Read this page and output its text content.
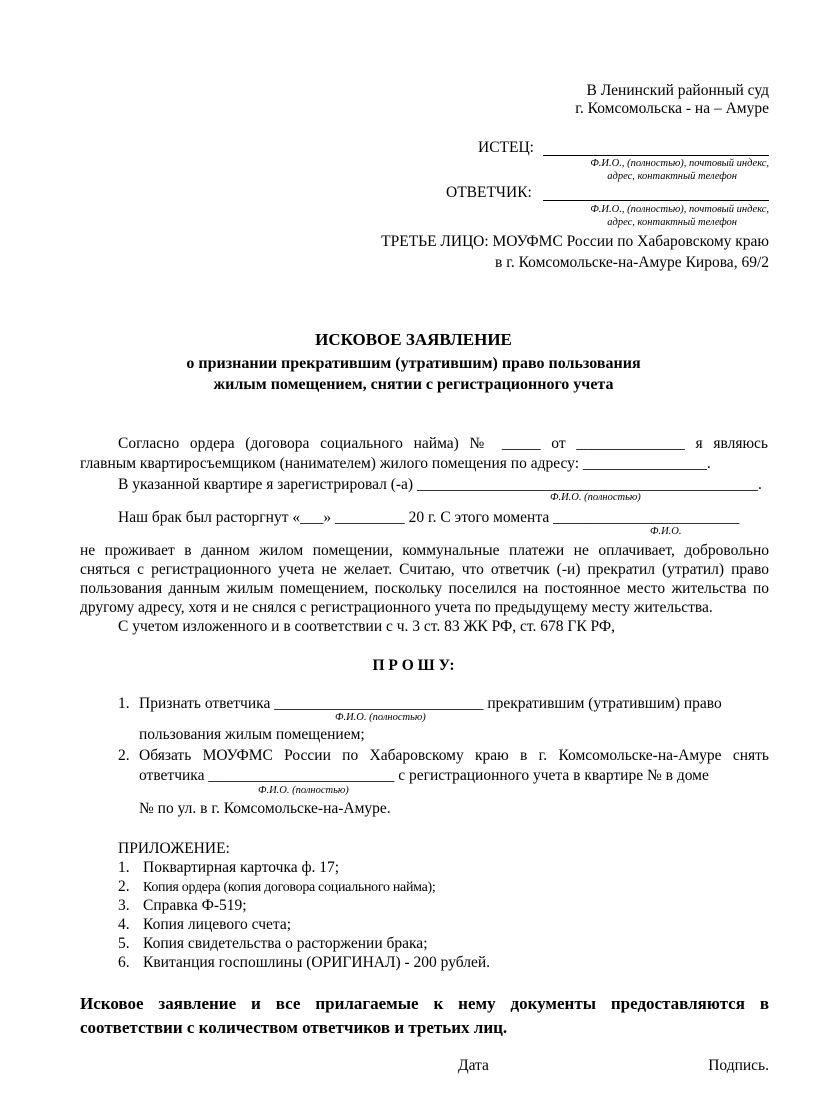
В Ленинский районный суд
г. Комсомольска - на – Амуре
ИСТЕЦ:
Ф.И.О., (полностью), почтовый индекс,
адрес, контактный телефон
ОТВЕТЧИК:
Ф.И.О., (полностью), почтовый индекс,
адрес, контактный телефон
ТРЕТЬЕ ЛИЦО: МОУФМС России по Хабаровскому краю
в г. Комсомольске-на-Амуре Кирова, 69/2
ИСКОВОЕ ЗАЯВЛЕНИЕ
о признании прекратившим (утратившим) право пользования
жилым помещением, снятии с регистрационного учета
Согласно ордера (договора социального найма) № _____ от ______________ я являюсь
главным квартиросъемщиком (нанимателем) жилого помещения по адресу: ________________.
В указанной квартире я зарегистрировал (-а) ____________________________________________.
Ф.И.О. (полностью)
Наш брак был расторгнут «___» _________ 20 г. С этого момента ________________________
Ф.И.О.
не проживает в данном жилом помещении, коммунальные платежи не оплачивает, добровольно
сняться с регистрационного учета не желает. Считаю, что ответчик (-и) прекратил (утратил) право
пользования данным жилым помещением, поскольку поселился на постоянное место жительства по
другому адресу, хотя и не снялся с регистрационного учета по предыдущему месту жительства.
С учетом изложенного и в соответствии с ч. 3 ст. 83 ЖК РФ, ст. 678 ГК РФ,
П Р О Ш У:
1. Признать ответчика ___________________________ прекратившим (утратившим) право
Ф.И.О. (полностью)
пользования жилым помещением;
2. Обязать МОУФМС России по Хабаровскому краю в г. Комсомольске-на-Амуре снять
ответчика ________________________ с регистрационного учета в квартире № в доме
Ф.И.О. (полностью)
№ по ул. в г. Комсомольске-на-Амуре.
ПРИЛОЖЕНИЕ:
1. Поквартирная карточка ф. 17;
2. Копия ордера (копия договора социального найма);
3. Справка Ф-519;
4. Копия лицевого счета;
5. Копия свидетельства о расторжении брака;
6. Квитанция госпошлины (ОРИГИНАЛ) - 200 рублей.
Исковое заявление и все прилагаемые к нему документы предоставляются в
соответствии с количеством ответчиков и третьих лиц.
Дата	Подпись.
